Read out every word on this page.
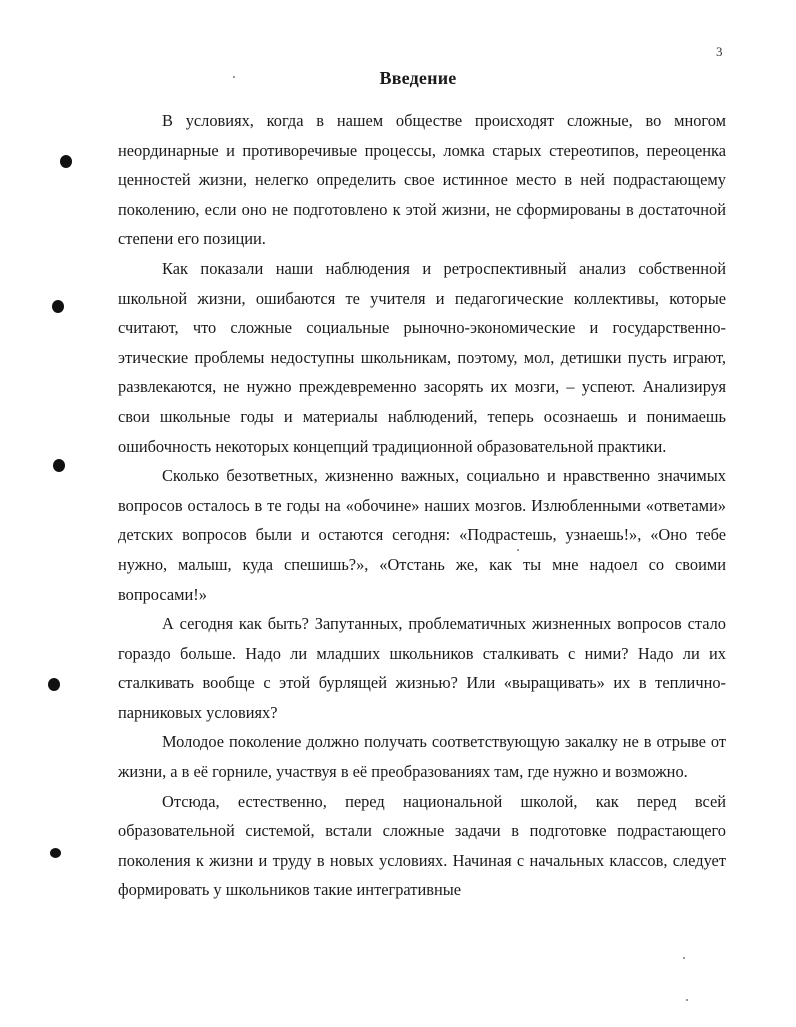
3
Введение

В условиях, когда в нашем обществе происходят сложные, во многом неординарные и противоречивые процессы, ломка старых стереотипов, переоценка ценностей жизни, нелегко определить свое истинное место в ней подрастающему поколению, если оно не подготовлено к этой жизни, не сформированы в достаточной степени его позиции.

Как показали наши наблюдения и ретроспективный анализ собственной школьной жизни, ошибаются те учителя и педагогические коллективы, которые считают, что сложные социальные рыночно-экономические и государственно-этические проблемы недоступны школьникам, поэтому, мол, детишки пусть играют, развлекаются, не нужно преждевременно засорять их мозги, – успеют. Анализируя свои школьные годы и материалы наблюдений, теперь осознаешь и понимаешь ошибочность некоторых концепций традиционной образовательной практики.

Сколько безответных, жизненно важных, социально и нравственно значимых вопросов осталось в те годы на «обочине» наших мозгов. Излюбленными «ответами» детских вопросов были и остаются сегодня: «Подрастешь, узнаешь!», «Оно тебе нужно, малыш, куда спешишь?», «Отстань же, как ты мне надоел со своими вопросами!»

А сегодня как быть? Запутанных, проблематичных жизненных вопросов стало гораздо больше. Надо ли младших школьников сталкивать с ними? Надо ли их сталкивать вообще с этой бурлящей жизнью? Или «выращивать» их в теплично-парниковых условиях?

Молодое поколение должно получать соответствующую закалку не в отрыве от жизни, а в её горниле, участвуя в её преобразованиях там, где нужно и возможно.

Отсюда, естественно, перед национальной школой, как перед всей образовательной системой, встали сложные задачи в подготовке подрастающего поколения к жизни и труду в новых условиях. Начиная с начальных классов, следует формировать у школьников такие интегративные
